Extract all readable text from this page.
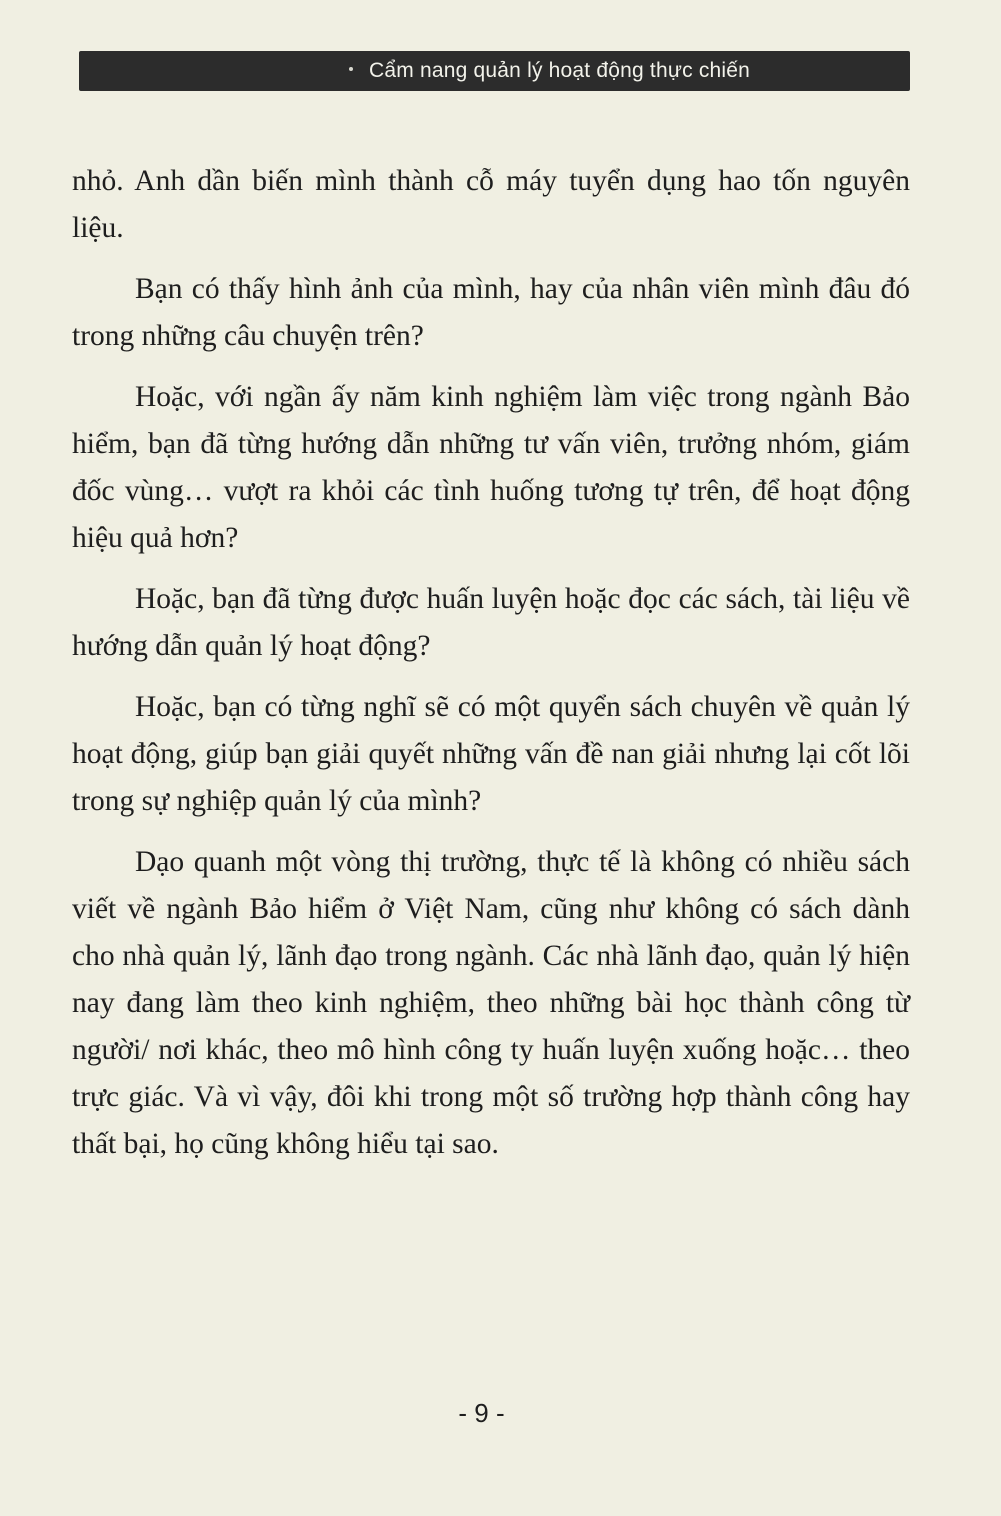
Cẩm nang quản lý hoạt động thực chiến

nhỏ. Anh dần biến mình thành cỗ máy tuyển dụng hao tốn nguyên liệu.

Bạn có thấy hình ảnh của mình, hay của nhân viên mình đâu đó trong những câu chuyện trên?

Hoặc, với ngần ấy năm kinh nghiệm làm việc trong ngành Bảo hiểm, bạn đã từng hướng dẫn những tư vấn viên, trưởng nhóm, giám đốc vùng… vượt ra khỏi các tình huống tương tự trên, để hoạt động hiệu quả hơn?

Hoặc, bạn đã từng được huấn luyện hoặc đọc các sách, tài liệu về hướng dẫn quản lý hoạt động?

Hoặc, bạn có từng nghĩ sẽ có một quyển sách chuyên về quản lý hoạt động, giúp bạn giải quyết những vấn đề nan giải nhưng lại cốt lõi trong sự nghiệp quản lý của mình?

Dạo quanh một vòng thị trường, thực tế là không có nhiều sách viết về ngành Bảo hiểm ở Việt Nam, cũng như không có sách dành cho nhà quản lý, lãnh đạo trong ngành. Các nhà lãnh đạo, quản lý hiện nay đang làm theo kinh nghiệm, theo những bài học thành công từ người/ nơi khác, theo mô hình công ty huấn luyện xuống hoặc… theo trực giác. Và vì vậy, đôi khi trong một số trường hợp thành công hay thất bại, họ cũng không hiểu tại sao.

- 9 -
